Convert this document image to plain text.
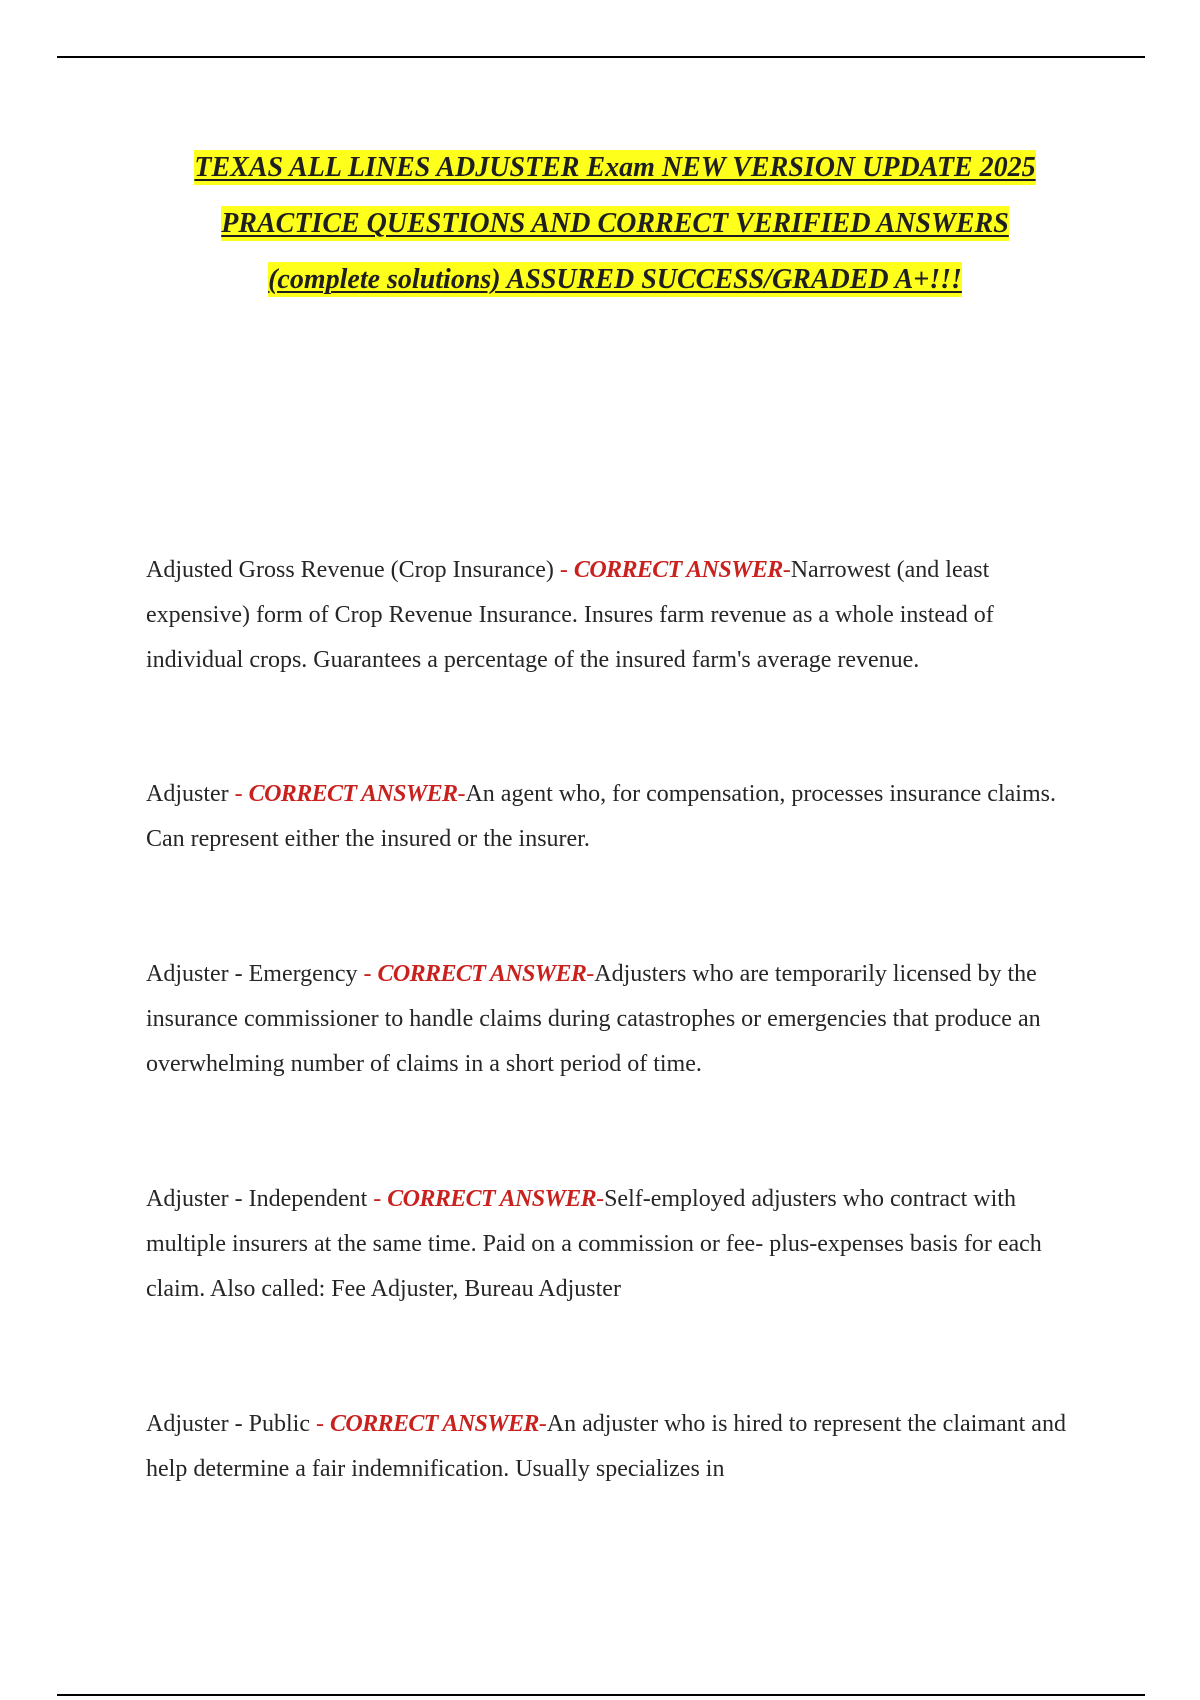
TEXAS ALL LINES ADJUSTER Exam NEW VERSION UPDATE 2025
PRACTICE QUESTIONS AND CORRECT VERIFIED ANSWERS
(complete solutions) ASSURED SUCCESS/GRADED A+!!!
Adjusted Gross Revenue (Crop Insurance) - CORRECT ANSWER-Narrowest (and least expensive) form of Crop Revenue Insurance. Insures farm revenue as a whole instead of individual crops. Guarantees a percentage of the insured farm's average revenue.
Adjuster - CORRECT ANSWER-An agent who, for compensation, processes insurance claims. Can represent either the insured or the insurer.
Adjuster - Emergency - CORRECT ANSWER-Adjusters who are temporarily licensed by the insurance commissioner to handle claims during catastrophes or emergencies that produce an overwhelming number of claims in a short period of time.
Adjuster - Independent - CORRECT ANSWER-Self-employed adjusters who contract with multiple insurers at the same time. Paid on a commission or fee- plus-expenses basis for each claim. Also called: Fee Adjuster, Bureau Adjuster
Adjuster - Public - CORRECT ANSWER-An adjuster who is hired to represent the claimant and help determine a fair indemnification. Usually specializes in
